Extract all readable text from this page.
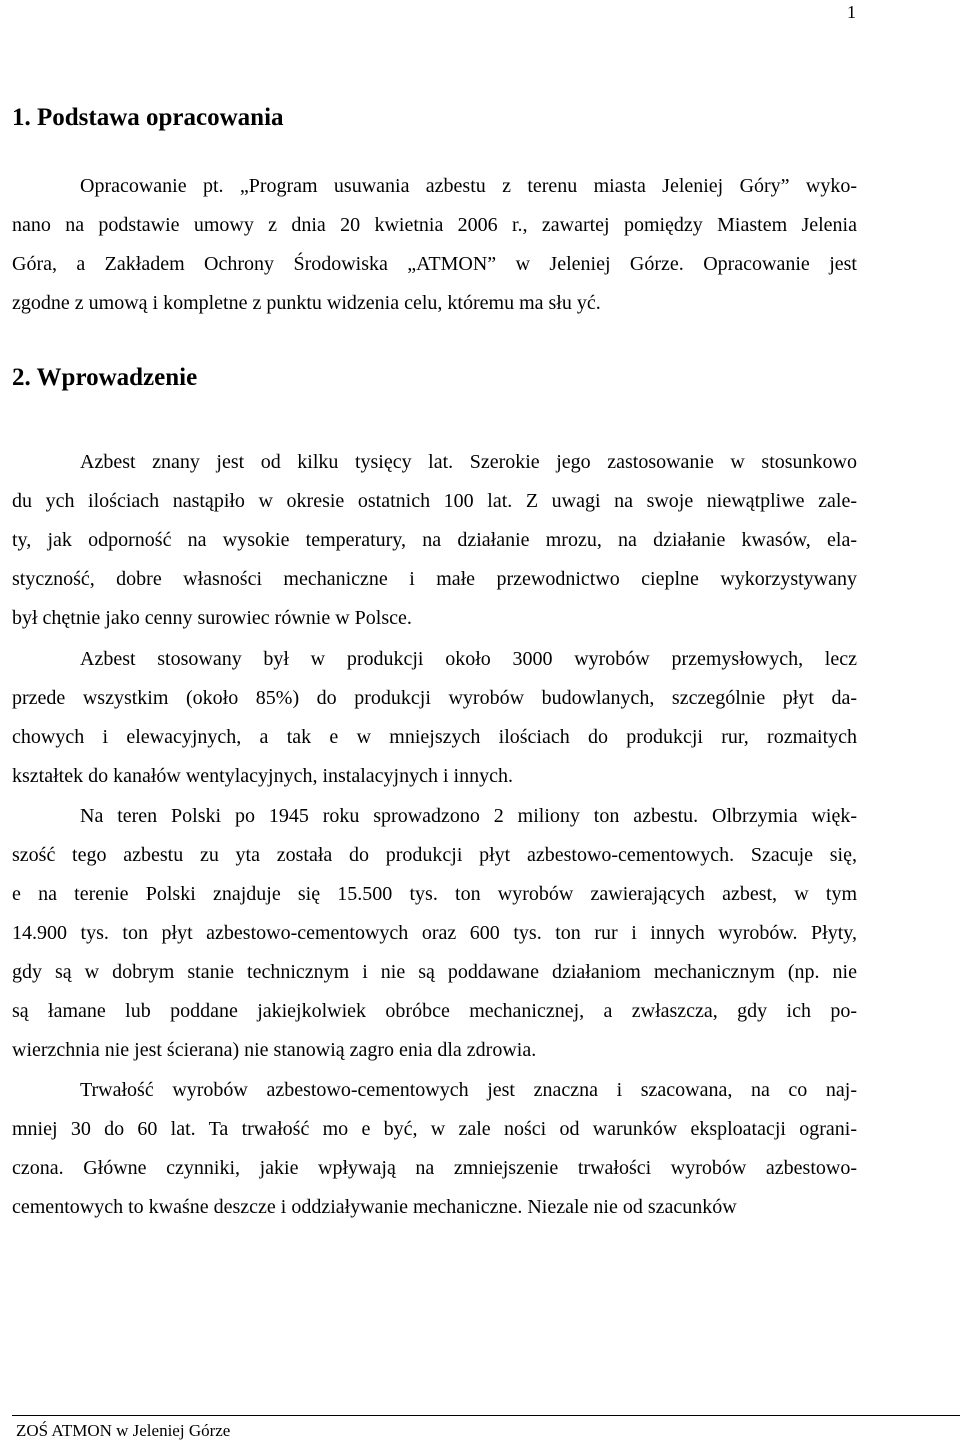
1
1. Podstawa opracowania
Opracowanie pt. „Program usuwania azbestu z terenu miasta Jeleniej Góry” wyko-
nano na podstawie umowy z dnia 20 kwietnia 2006 r., zawartej pomiędzy Miastem Jelenia
Góra, a Zakładem Ochrony Środowiska „ATMON” w Jeleniej Górze. Opracowanie jest
zgodne z umową i kompletne z punktu widzenia celu, któremu ma słu yć.
2. Wprowadzenie
Azbest znany jest od kilku tysięcy lat. Szerokie jego zastosowanie w stosunkowo
du ych ilościach nastąpiło w okresie ostatnich 100 lat. Z uwagi na swoje niewątpliwe zale-
ty, jak odporność na wysokie temperatury, na działanie mrozu, na działanie kwasów, ela-
styczność, dobre własności mechaniczne i małe przewodnictwo cieplne wykorzystywany
był chętnie jako cenny surowiec równie w Polsce.
Azbest stosowany był w produkcji około 3000 wyrobów przemysłowych, lecz
przede wszystkim (około 85%) do produkcji wyrobów budowlanych, szczególnie płyt da-
chowych i elewacyjnych, a tak e w mniejszych ilościach do produkcji rur, rozmaitych
kształtek do kanałów wentylacyjnych, instalacyjnych i innych.
Na teren Polski po 1945 roku sprowadzono 2 miliony ton azbestu. Olbrzymia więk-
szość tego azbestu zu yta została do produkcji płyt azbestowo-cementowych. Szacuje się,
e na terenie Polski znajduje się 15.500 tys. ton wyrobów zawierających azbest, w tym
14.900 tys. ton płyt azbestowo-cementowych oraz 600 tys. ton rur i innych wyrobów. Płyty,
gdy są w dobrym stanie technicznym i nie są poddawane działaniom mechanicznym (np. nie
są łamane lub poddane jakiejkolwiek obróbce mechanicznej, a zwłaszcza, gdy ich po-
wierzchnia nie jest ścierana) nie stanowią zagro enia dla zdrowia.
Trwałość wyrobów azbestowo-cementowych jest znaczna i szacowana, na co naj-
mniej 30 do 60 lat. Ta trwałość mo e być, w zale ności od warunków eksploatacji ograni-
czona. Główne czynniki, jakie wpływają na zmniejszenie trwałości wyrobów azbestowo-
cementowych to kwaśne deszcze i oddziaływanie mechaniczne. Niezale nie od szacunków
ZOŚ ATMON w Jeleniej Górze
